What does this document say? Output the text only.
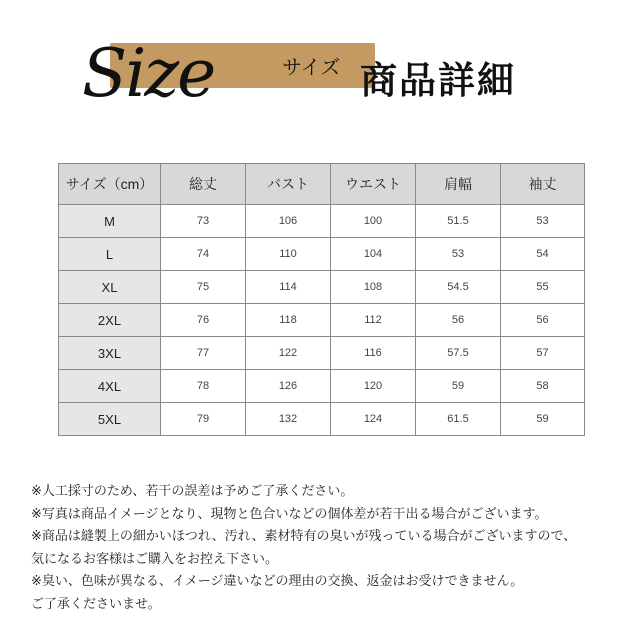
Size	サイズ 商品詳細
サイズ（cm）	総丈	バスト	ウエスト	肩幅	袖丈
M	73	106	100	51.5	53
L	74	110	104	53	54
XL	75	114	108	54.5	55
2XL	76	118	112	56	56
3XL	77	122	116	57.5	57
4XL	78	126	120	59	58
5XL	79	132	124	61.5	59
※人工採寸のため、若干の誤差は予めご了承ください。
※写真は商品イメージとなり、現物と色合いなどの個体差が若干出る場合がございます。
※商品は縫製上の細かいほつれ、汚れ、素材特有の臭いが残っている場合がございますので、
気になるお客様はご購入をお控え下さい。
※臭い、色味が異なる、イメージ違いなどの理由の交換、返金はお受けできません。
ご了承くださいませ。
